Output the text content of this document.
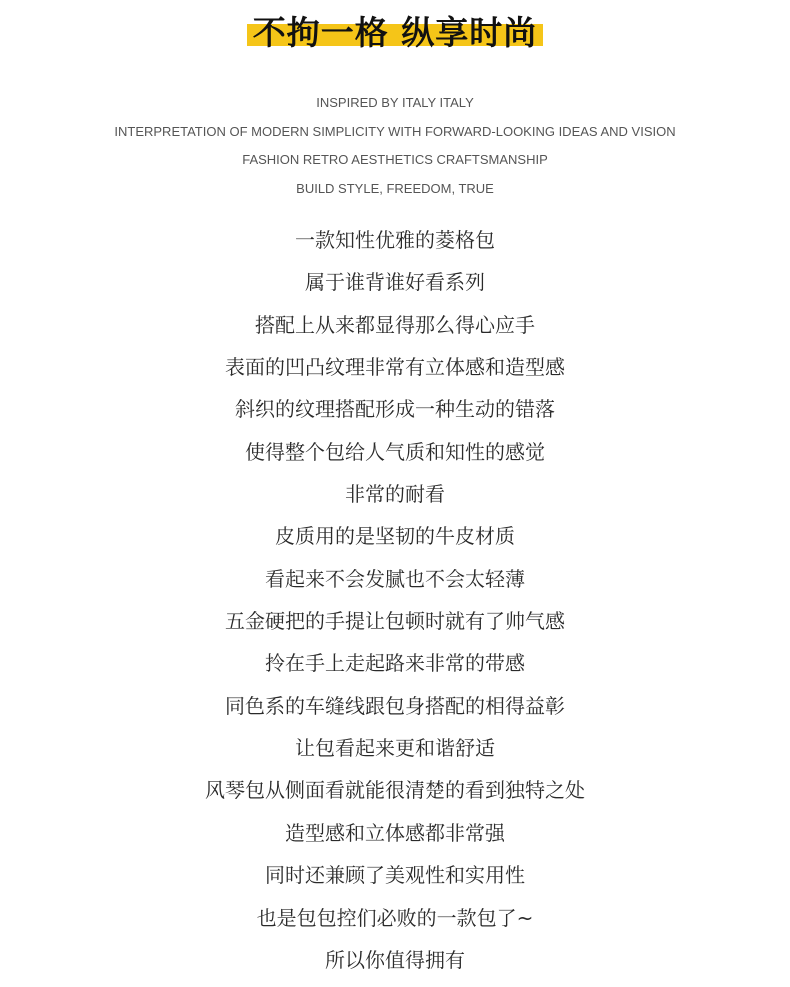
不拘一格 纵享时尚
INSPIRED BY ITALY ITALY
INTERPRETATION OF MODERN SIMPLICITY WITH FORWARD-LOOKING IDEAS AND VISION
FASHION RETRO AESTHETICS CRAFTSMANSHIP
BUILD STYLE, FREEDOM, TRUE
一款知性优雅的菱格包
属于谁背谁好看系列
搭配上从来都显得那么得心应手
表面的凹凸纹理非常有立体感和造型感
斜织的纹理搭配形成一种生动的错落
使得整个包给人气质和知性的感觉
非常的耐看
皮质用的是坚韧的牛皮材质
看起来不会发腻也不会太轻薄
五金硬把的手提让包顿时就有了帅气感
拎在手上走起路来非常的带感
同色系的车缝线跟包身搭配的相得益彰
让包看起来更和谐舒适
风琴包从侧面看就能很清楚的看到独特之处
造型感和立体感都非常强
同时还兼顾了美观性和实用性
也是包包控们必败的一款包了~
所以你值得拥有
